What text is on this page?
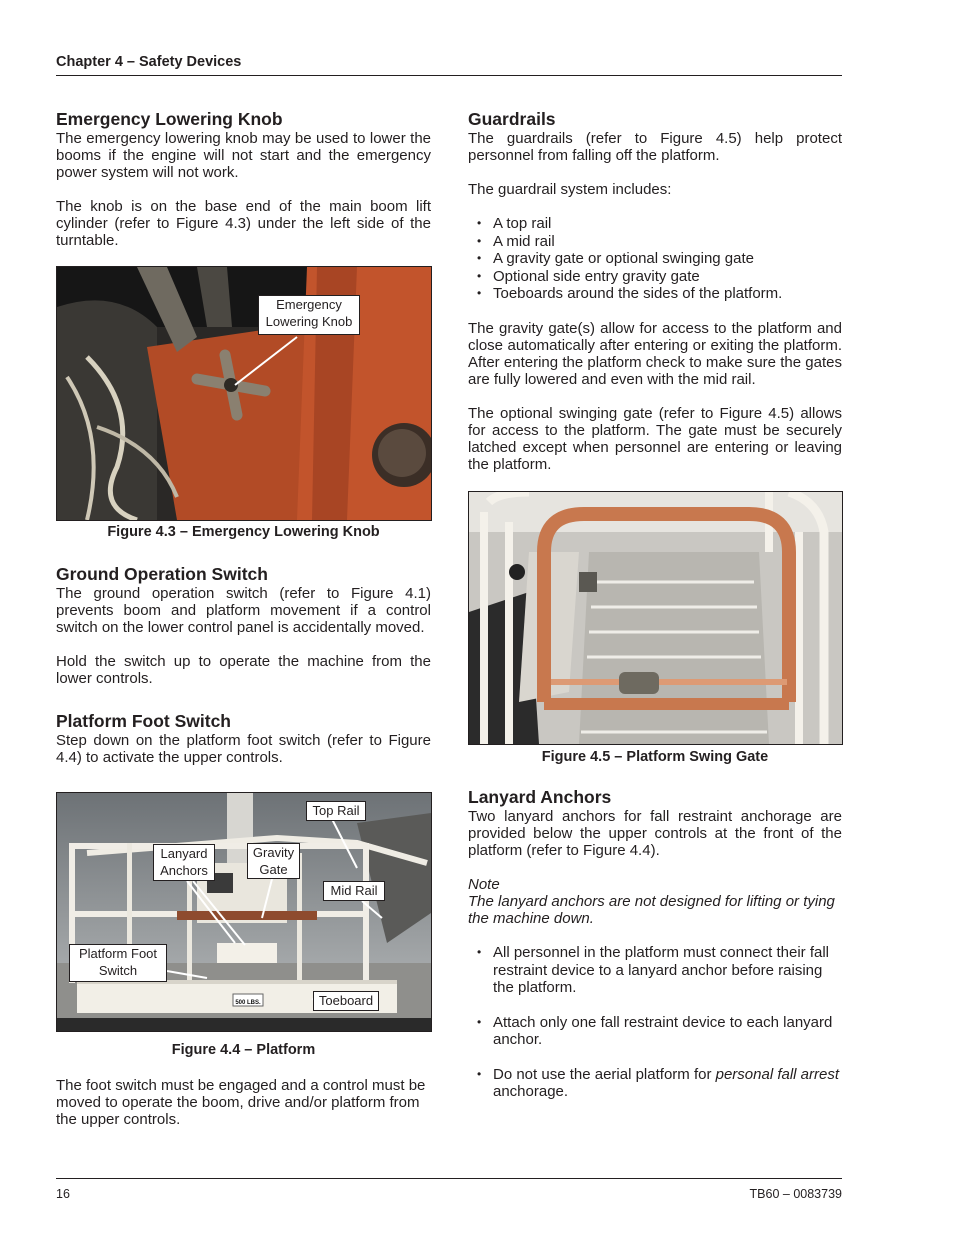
Chapter 4 – Safety Devices
Emergency Lowering Knob

The emergency lowering knob may be used to lower the booms if the engine will not start and the emergency power system will not work.

The knob is on the base end of the main boom lift cylinder (refer to Figure 4.3) under the left side of the turntable.

Emergency
Lowering Knob
Figure 4.3 – Emergency Lowering Knob
Ground Operation Switch

The ground operation switch (refer to Figure 4.1) prevents boom and platform movement if a control switch on the lower control panel is accidentally moved.

Hold the switch up to operate the machine from the lower controls.

Platform Foot Switch

Step down on the platform foot switch (refer to Figure 4.4) to activate the upper controls.

500 LBS.
Top Rail
Lanyard
Anchors
Gravity
Gate
Mid Rail
Platform Foot
Switch
Toeboard
Figure 4.4 – Platform

The foot switch must be engaged and a control must be moved to operate the boom, drive and/or platform from the upper controls.

Guardrails

The guardrails (refer to Figure 4.5) help protect personnel from falling off the platform.

The guardrail system includes:

• A top rail
• A mid rail
• A gravity gate or optional swinging gate
• Optional side entry gravity gate
• Toeboards around the sides of the platform.

The gravity gate(s) allow for access to the platform and close automatically after entering or exiting the platform. After entering the platform check to make sure the gates are fully lowered and even with the mid rail.

The optional swinging gate (refer to Figure 4.5) allows for access to the platform. The gate must be securely latched except when personnel are entering or leaving the platform.

Figure 4.5 – Platform Swing Gate
Lanyard Anchors

Two lanyard anchors for fall restraint anchorage are provided below the upper controls at the front of the platform (refer to Figure 4.4).

Note

The lanyard anchors are not designed for lifting or tying the machine down.

• All personnel in the platform must connect their fall restraint device to a lanyard anchor before raising the platform.
• Attach only one fall restraint device to each lanyard anchor.
• Do not use the aerial platform for personal fall arrest anchorage.
16	TB60 – 0083739
